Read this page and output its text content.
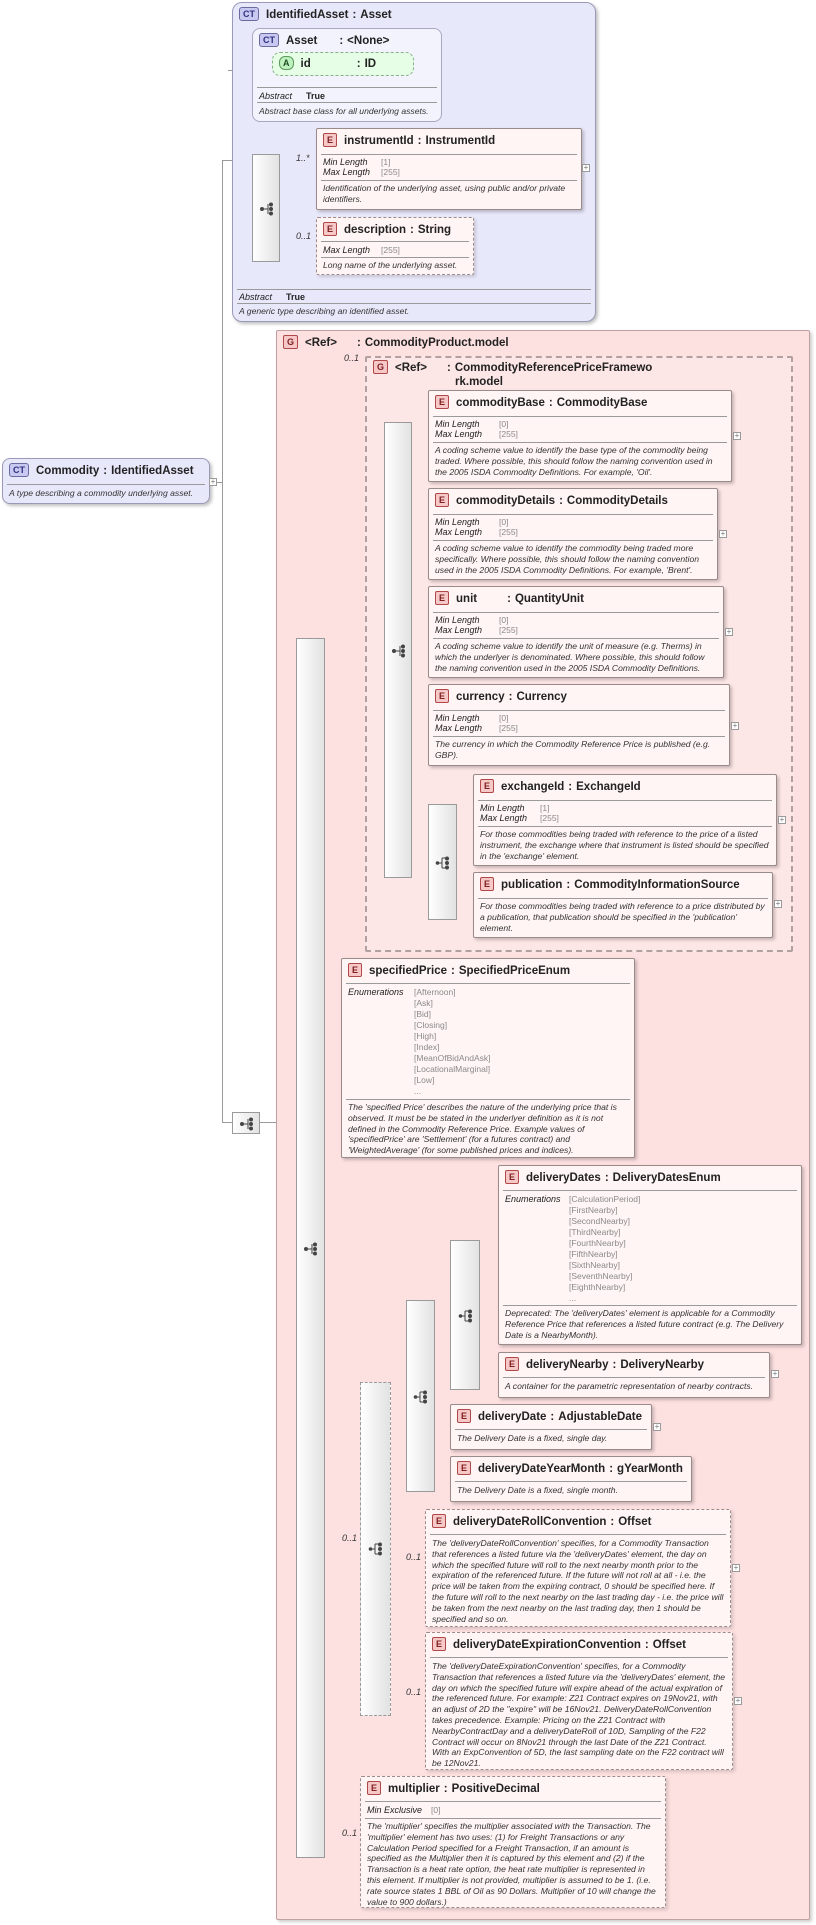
CT Commodity : IdentifiedAsset
A type describing a commodity underlying asset.
+
CT IdentifiedAsset : Asset
Abstract True
A generic type describing an identified asset.
CT Asset : <None>
Abstract True
Abstract base class for all underlying assets.
A id	: ID
1..*
0..1
E instrumentId : InstrumentId
Min Length [1]
Max Length [255]
Identification of the underlying asset, using public and/or private identifiers.
+
E description : String
Max Length [255]
Long name of the underlying asset.
G <Ref> : CommodityProduct.model
0..1
G <Ref> : CommodityReferencePriceFramewo
rk.model
E commodityBase : CommodityBase
Min Length [0]
Max Length [255]
A coding scheme value to identify the base type of the commodity being traded. Where possible, this should follow the naming convention used in the 2005 ISDA Commodity Definitions. For example, 'Oil'.
+
E commodityDetails : CommodityDetails
Min Length [0]
Max Length [255]
A coding scheme value to identify the commodity being traded more specifically. Where possible, this should follow the naming convention used in the 2005 ISDA Commodity Definitions. For example, 'Brent'.
+
E unit	: QuantityUnit
Min Length [0]
Max Length [255]
A coding scheme value to identify the unit of measure (e.g. Therms) in which the underlyer is denominated. Where possible, this should follow the naming convention used in the 2005 ISDA Commodity Definitions.
+
E currency : Currency
Min Length [0]
Max Length [255]
The currency in which the Commodity Reference Price is published (e.g. GBP).
+
E exchangeId : ExchangeId
Min Length [1]
Max Length [255]
For those commodities being traded with reference to the price of a listed instrument, the exchange where that instrument is listed should be specified in the 'exchange' element.
+
E publication : CommodityInformationSource
For those commodities being traded with reference to a price distributed by a publication, that publication should be specified in the 'publication' element.
+
E specifiedPrice : SpecifiedPriceEnum
Enumerations [Afternoon]
[Ask]
[Bid]
[Closing]
[High]
[Index]
[MeanOfBidAndAsk]
[LocationalMarginal]
[Low]
...
The 'specified Price' describes the nature of the underlying price that is observed. It must be be stated in the underlyer definition as it is not defined in the Commodity Reference Price. Example values of 'specifiedPrice' are 'Settlement' (for a futures contract) and 'WeightedAverage' (for some published prices and indices).
0..1
E deliveryDates : DeliveryDatesEnum
Enumerations [CalculationPeriod]
[FirstNearby]
[SecondNearby]
[ThirdNearby]
[FourthNearby]
[FifthNearby]
[SixthNearby]
[SeventhNearby]
[EighthNearby]
...
Deprecated: The 'deliveryDates' element is applicable for a Commodity Reference Price that references a listed future contract (e.g. The Delivery Date is a NearbyMonth).
E deliveryNearby : DeliveryNearby
A container for the parametric representation of nearby contracts.
+
E deliveryDate : AdjustableDate
The Delivery Date is a fixed, single day.
+
E deliveryDateYearMonth : gYearMonth
The Delivery Date is a fixed, single month.
0..1
E deliveryDateRollConvention : Offset
The 'deliveryDateRollConvention' specifies, for a Commodity Transaction that references a listed future via the 'deliveryDates' element, the day on which the specified future will roll to the next nearby month prior to the expiration of the referenced future. If the future will not roll at all - i.e. the price will be taken from the expiring contract, 0 should be specified here. If the future will roll to the next nearby on the last trading day - i.e. the price will be taken from the next nearby on the last trading day, then 1 should be specified and so on.
+
0..1
E deliveryDateExpirationConvention : Offset
The 'deliveryDateExpirationConvention' specifies, for a Commodity Transaction that references a listed future via the 'deliveryDates' element, the day on which the specified future will expire ahead of the actual expiration of the referenced future. For example: Z21 Contract expires on 19Nov21, with an adjust of 2D the "expire" will be 16Nov21. DeliveryDateRollConvention takes precedence. Example: Pricing on the Z21 Contract with NearbyContractDay and a deliveryDateRoll of 10D, Sampling of the F22 Contract will occur on 8Nov21 through the last Date of the Z21 Contract. With an ExpConvention of 5D, the last sampling date on the F22 contract will be 12Nov21.
+
0..1
E multiplier : PositiveDecimal
Min Exclusive [0]
The 'multiplier' specifies the multiplier associated with the Transaction. The 'multiplier' element has two uses: (1) for Freight Transactions or any Calculation Period specified for a Freight Transaction, if an amount is specified as the Multiplier then it is captured by this element and (2) if the Transaction is a heat rate option, the heat rate multiplier is represented in this element. If multiplier is not provided, multiplier is assumed to be 1. (i.e. rate source states 1 BBL of Oil as 90 Dollars. Multiplier of 10 will change the value to 900 dollars.)
